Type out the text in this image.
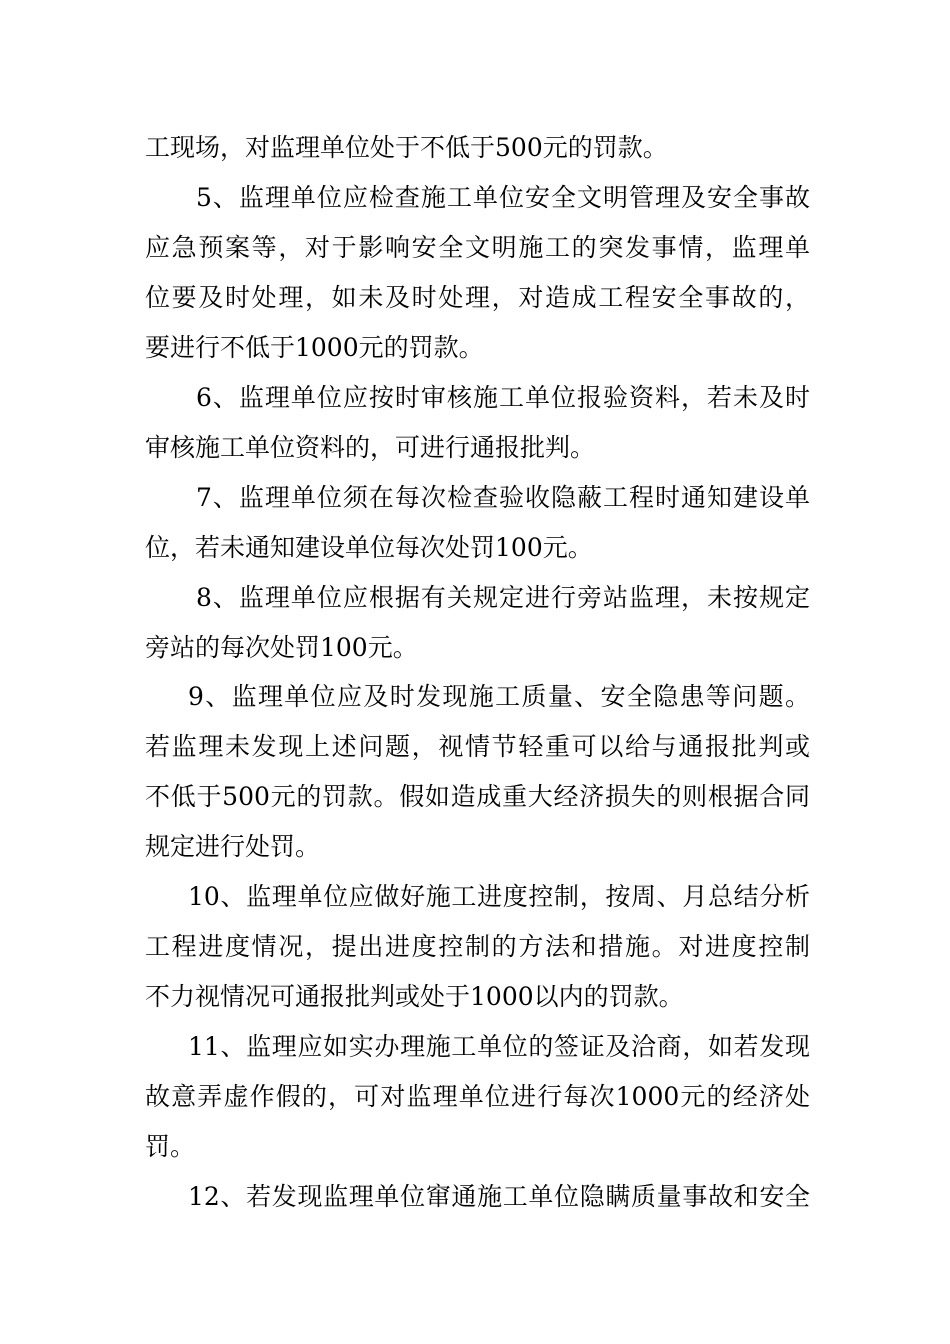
工现场，对监理单位处于不低于500元的罚款。
5、监理单位应检查施工单位安全文明管理及安全事故
应急预案等，对于影响安全文明施工的突发事情，监理单
位要及时处理，如未及时处理，对造成工程安全事故的，
要进行不低于1000元的罚款。
6、监理单位应按时审核施工单位报验资料，若未及时
审核施工单位资料的，可进行通报批判。
7、监理单位须在每次检查验收隐蔽工程时通知建设单
位，若未通知建设单位每次处罚100元。
8、监理单位应根据有关规定进行旁站监理，未按规定
旁站的每次处罚100元。
9、监理单位应及时发现施工质量、安全隐患等问题。
若监理未发现上述问题，视情节轻重可以给与通报批判或
不低于500元的罚款。假如造成重大经济损失的则根据合同
规定进行处罚。
10、监理单位应做好施工进度控制，按周、月总结分析
工程进度情况，提出进度控制的方法和措施。对进度控制
不力视情况可通报批判或处于1000以内的罚款。
11、监理应如实办理施工单位的签证及洽商，如若发现
故意弄虚作假的，可对监理单位进行每次1000元的经济处
罚。
12、若发现监理单位窜通施工单位隐瞒质量事故和安全
